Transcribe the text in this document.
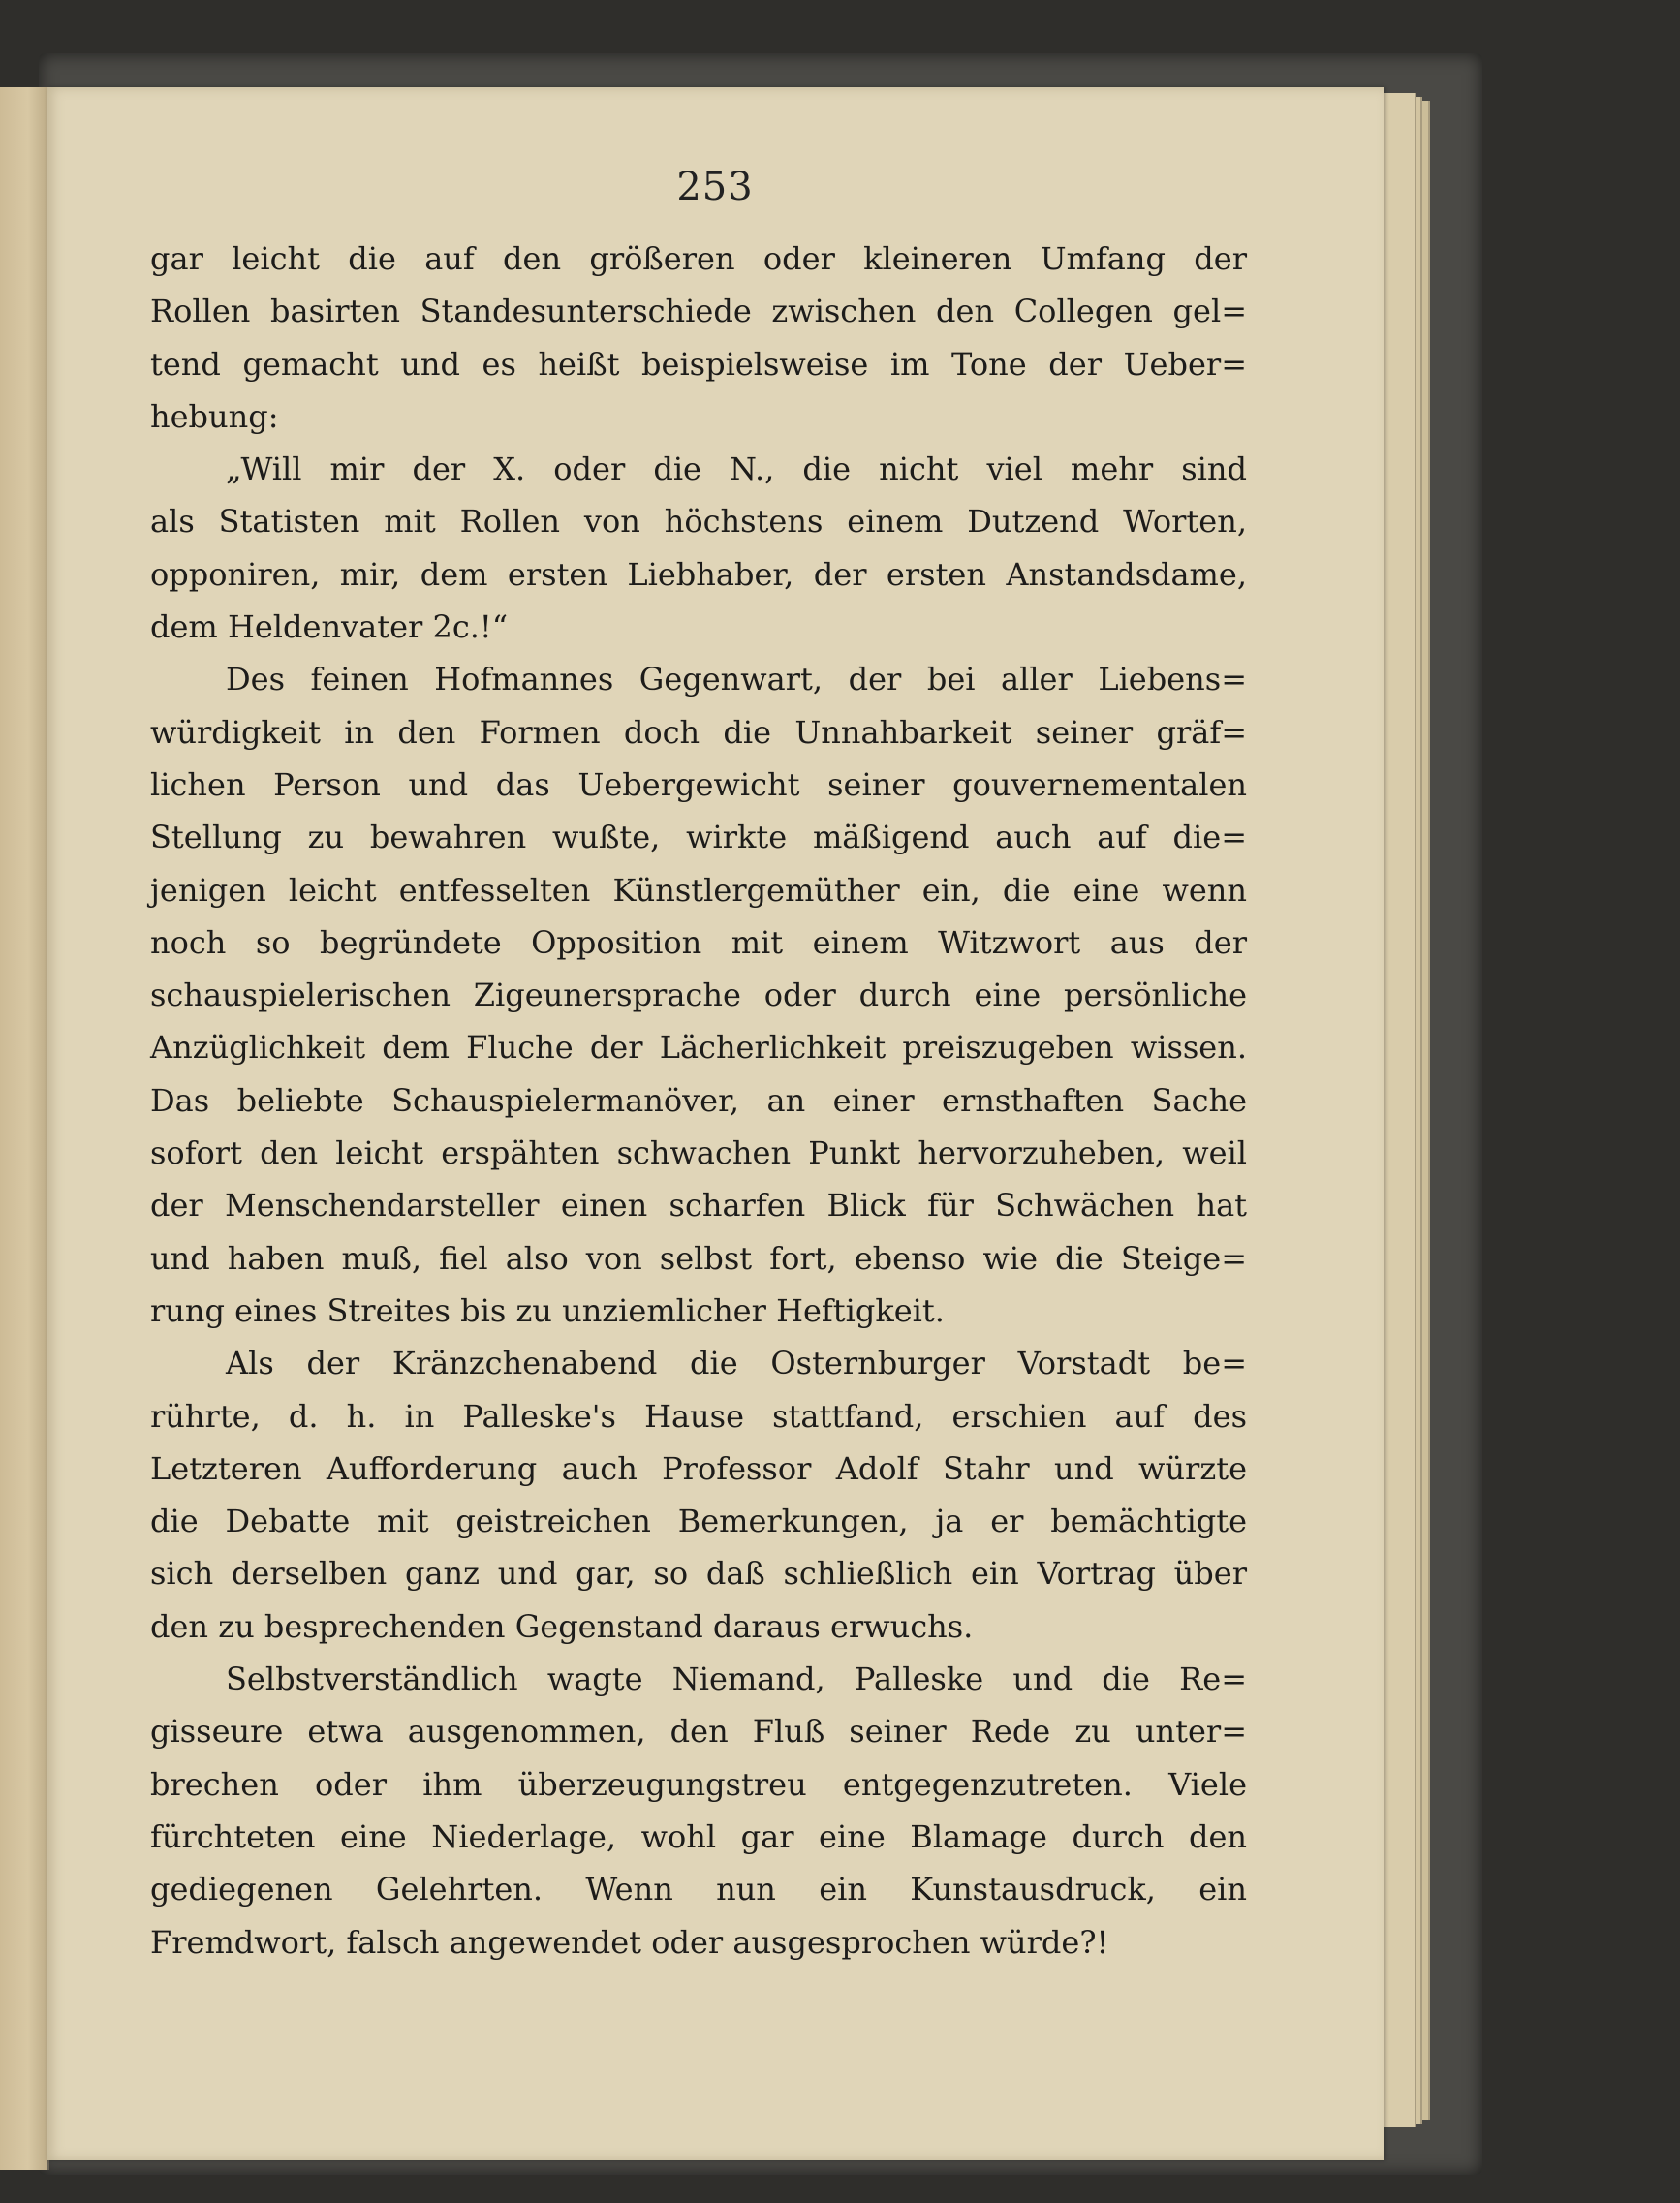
253
gar leicht die auf den größeren oder kleineren Umfang der
Rollen basirten Standesunterschiede zwischen den Collegen gel=
tend gemacht und es heißt beispielsweise im Tone der Ueber=
hebung:
„Will mir der X. oder die N., die nicht viel mehr sind
als Statisten mit Rollen von höchstens einem Dutzend Worten,
opponiren, mir, dem ersten Liebhaber, der ersten Anstandsdame,
dem Heldenvater 2c.!“
Des feinen Hofmannes Gegenwart, der bei aller Liebens=
würdigkeit in den Formen doch die Unnahbarkeit seiner gräf=
lichen Person und das Uebergewicht seiner gouvernementalen
Stellung zu bewahren wußte, wirkte mäßigend auch auf die=
jenigen leicht entfesselten Künstlergemüther ein, die eine wenn
noch so begründete Opposition mit einem Witzwort aus der
schauspielerischen Zigeunersprache oder durch eine persönliche
Anzüglichkeit dem Fluche der Lächerlichkeit preiszugeben wissen.
Das beliebte Schauspielermanöver, an einer ernsthaften Sache
sofort den leicht erspähten schwachen Punkt hervorzuheben, weil
der Menschendarsteller einen scharfen Blick für Schwächen hat
und haben muß, fiel also von selbst fort, ebenso wie die Steige=
rung eines Streites bis zu unziemlicher Heftigkeit.
Als der Kränzchenabend die Osternburger Vorstadt be=
rührte, d. h. in Palleske's Hause stattfand, erschien auf des
Letzteren Aufforderung auch Professor Adolf Stahr und würzte
die Debatte mit geistreichen Bemerkungen, ja er bemächtigte
sich derselben ganz und gar, so daß schließlich ein Vortrag über
den zu besprechenden Gegenstand daraus erwuchs.
Selbstverständlich wagte Niemand, Palleske und die Re=
gisseure etwa ausgenommen, den Fluß seiner Rede zu unter=
brechen oder ihm überzeugungstreu entgegenzutreten. Viele
fürchteten eine Niederlage, wohl gar eine Blamage durch den
gediegenen Gelehrten. Wenn nun ein Kunstausdruck, ein
Fremdwort, falsch angewendet oder ausgesprochen würde?!
